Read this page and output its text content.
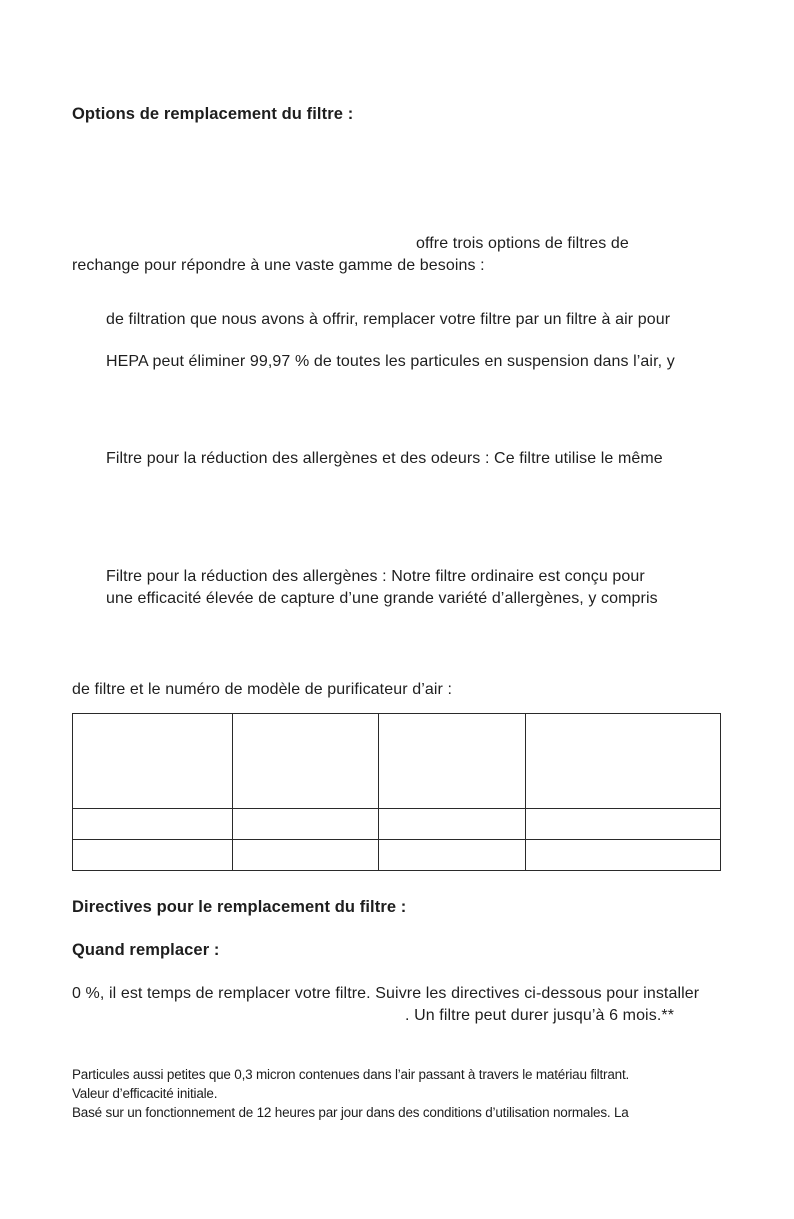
Options de remplacement du filtre :
offre trois options de filtres de
rechange pour répondre à une vaste gamme de besoins :
de filtration que nous avons à offrir, remplacer votre filtre par un filtre à air pour
HEPA peut éliminer 99,97 % de toutes les particules en suspension dans l’air, y
Filtre pour la réduction des allergènes et des odeurs : Ce filtre utilise le même
Filtre pour la réduction des allergènes : Notre filtre ordinaire est conçu pour
une efficacité élevée de capture d’une grande variété d’allergènes, y compris
de filtre et le numéro de modèle de purificateur d’air :

Directives pour le remplacement du filtre :
Quand remplacer :
0 %, il est temps de remplacer votre filtre. Suivre les directives ci-dessous pour installer
. Un filtre peut durer jusqu’à 6 mois.**
Particules aussi petites que 0,3 micron contenues dans l’air passant à travers le matériau filtrant.
Valeur d’efficacité initiale.
Basé sur un fonctionnement de 12 heures par jour dans des conditions d’utilisation normales. La
